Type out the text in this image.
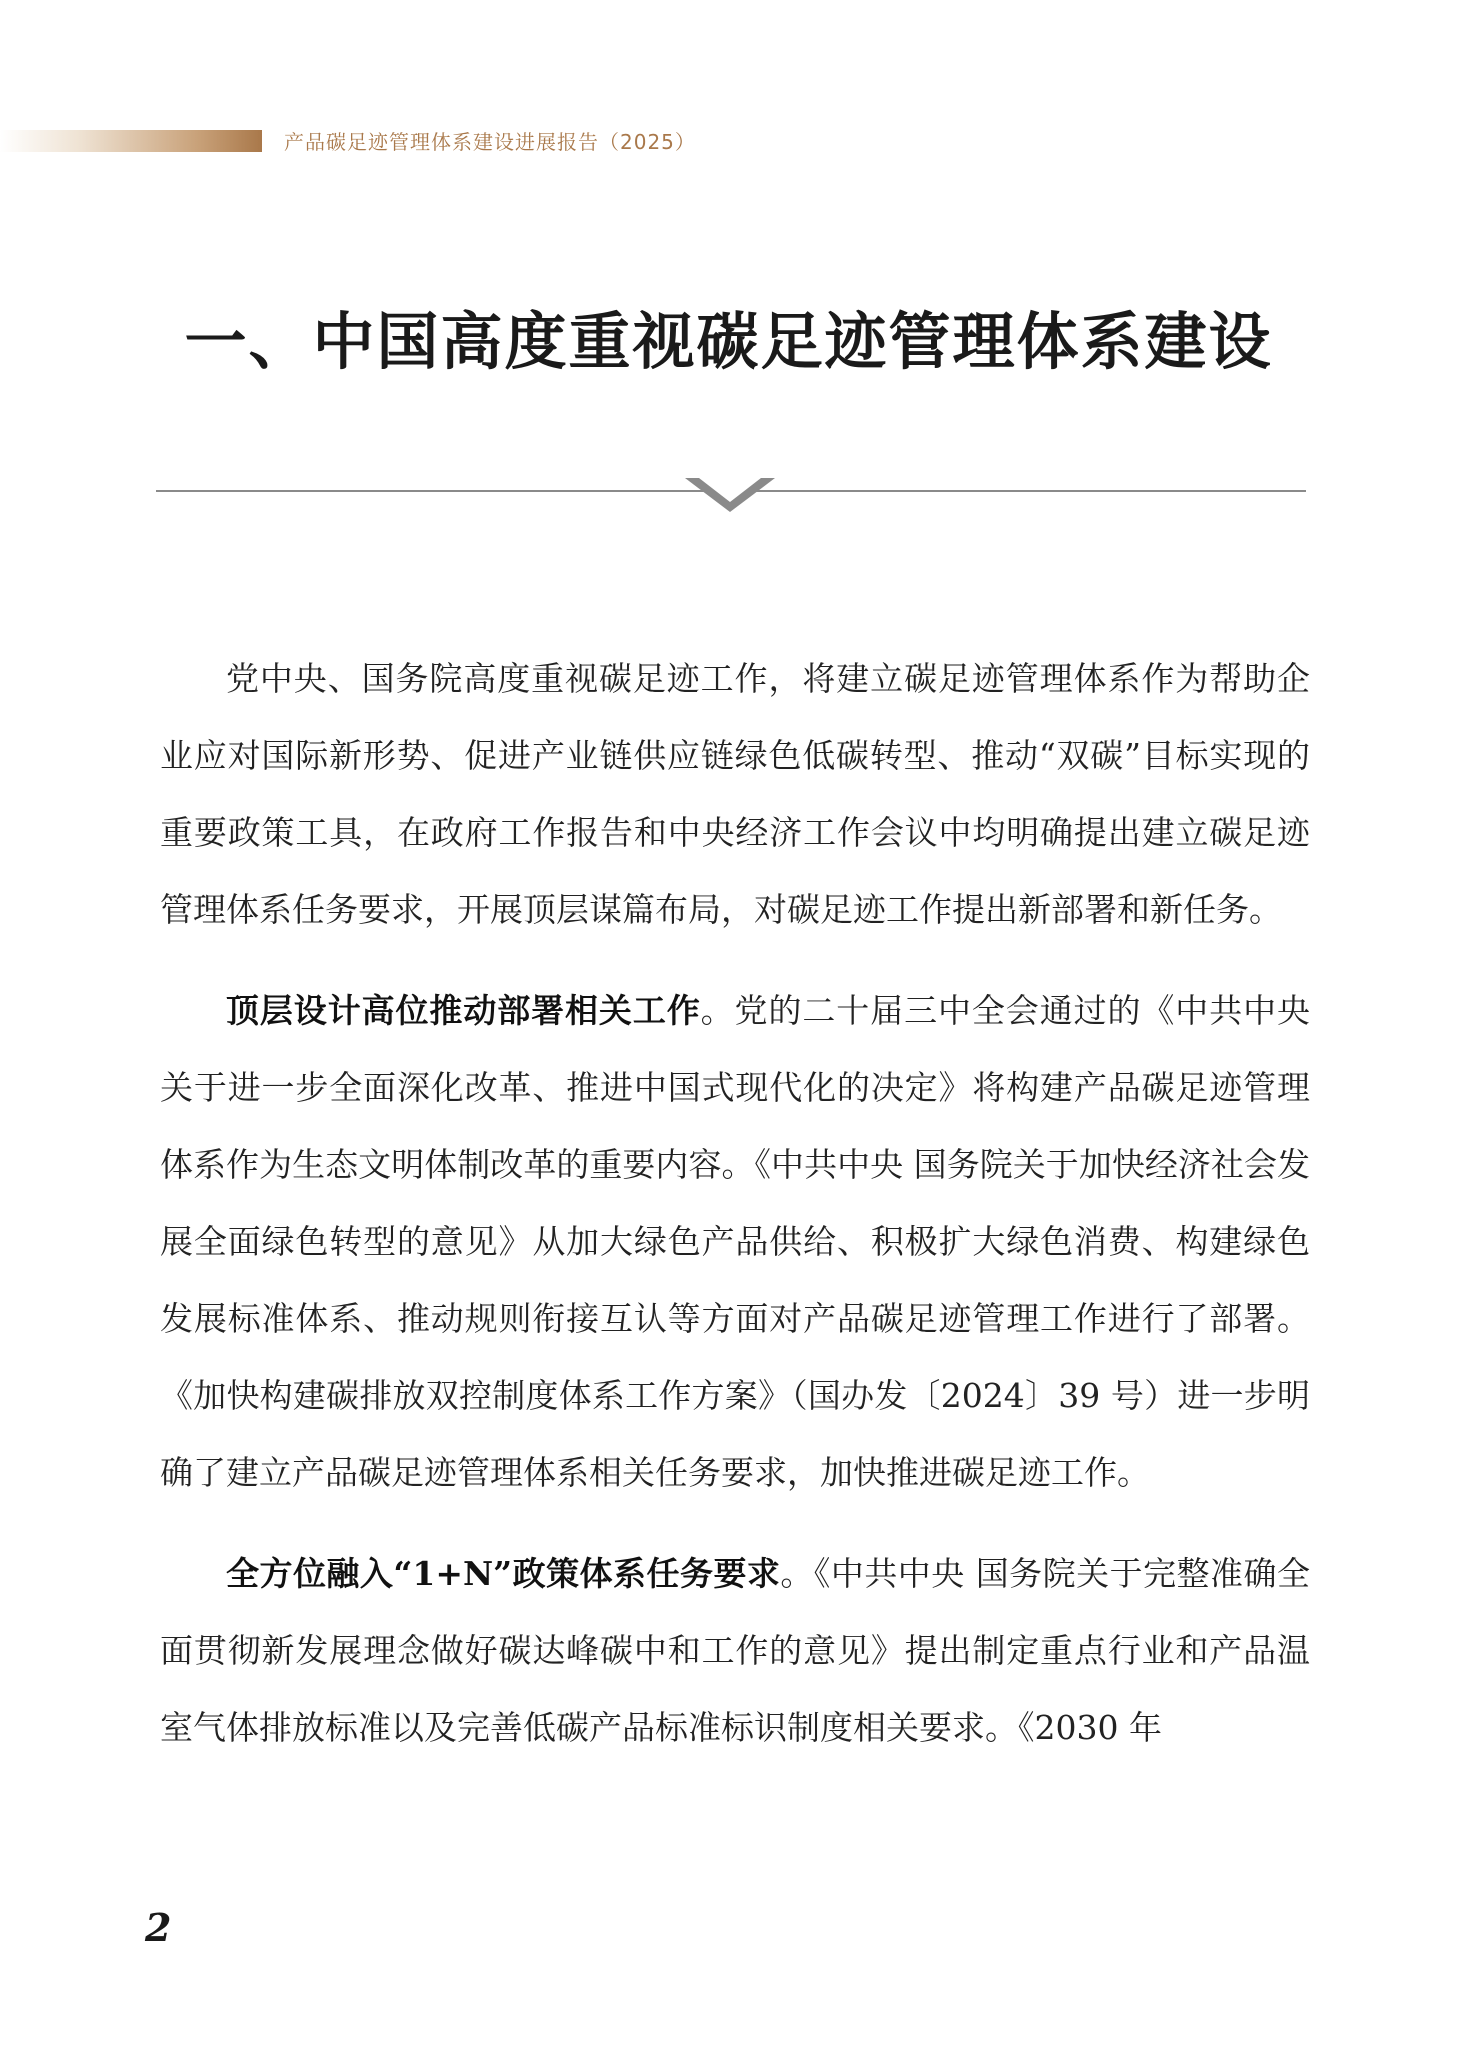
产品碳足迹管理体系建设进展报告（2025）
一、中国高度重视碳足迹管理体系建设

党中央、国务院高度重视碳足迹工作，将建立碳足迹管理体系作为帮助企业应对国际新形势、促进产业链供应链绿色低碳转型、推动“双碳”目标实现的重要政策工具，在政府工作报告和中央经济工作会议中均明确提出建立碳足迹管理体系任务要求，开展顶层谋篇布局，对碳足迹工作提出新部署和新任务。

顶层设计高位推动部署相关工作。党的二十届三中全会通过的《中共中央关于进一步全面深化改革、推进中国式现代化的决定》将构建产品碳足迹管理体系作为生态文明体制改革的重要内容。《中共中央 国务院关于加快经济社会发展全面绿色转型的意见》从加大绿色产品供给、积极扩大绿色消费、构建绿色发展标准体系、推动规则衔接互认等方面对产品碳足迹管理工作进行了部署。《加快构建碳排放双控制度体系工作方案》（国办发〔2024〕39 号）进一步明确了建立产品碳足迹管理体系相关任务要求，加快推进碳足迹工作。

全方位融入“1+N”政策体系任务要求。《中共中央 国务院关于完整准确全面贯彻新发展理念做好碳达峰碳中和工作的意见》提出制定重点行业和产品温室气体排放标准以及完善低碳产品标准标识制度相关要求。《2030 年

2
